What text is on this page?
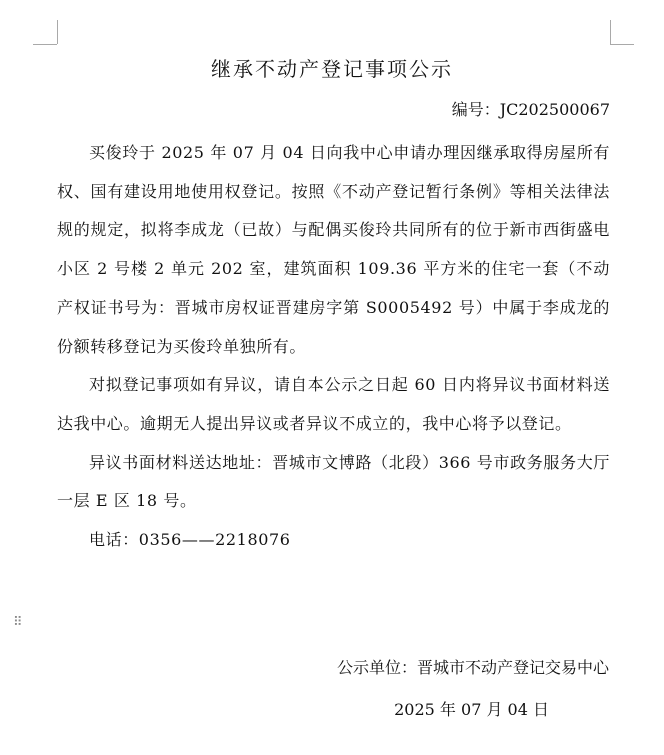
继承不动产登记事项公示
编号：JC202500067

买俊玲于 2025 年 07 月 04 日向我中心申请办理因继承取得房屋所有权、国有建设用地使用权登记。按照《不动产登记暂行条例》等相关法律法规的规定，拟将李成龙（已故）与配偶买俊玲共同所有的位于新市西街盛电小区 2 号楼 2 单元 202 室，建筑面积 109.36 平方米的住宅一套（不动产权证书号为：晋城市房权证晋建房字第 S0005492 号）中属于李成龙的份额转移登记为买俊玲单独所有。

对拟登记事项如有异议，请自本公示之日起 60 日内将异议书面材料送达我中心。逾期无人提出异议或者异议不成立的，我中心将予以登记。

异议书面材料送达地址：晋城市文博路（北段）366 号市政务服务大厅一层 E 区 18 号。

电话：0356——2218076

⠿
公示单位：晋城市不动产登记交易中心
2025 年 07 月 04 日
